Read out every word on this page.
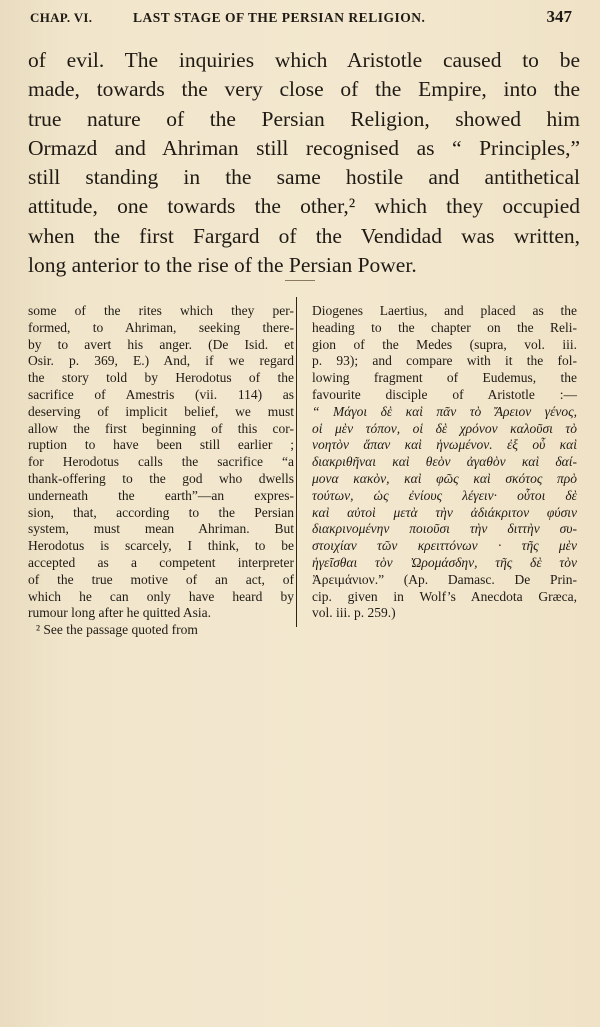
CHAP. VI.	LAST STAGE OF THE PERSIAN RELIGION.	347
of evil. The inquiries which Aristotle caused to be
made, towards the very close of the Empire, into the
true nature of the Persian Religion, showed him
Ormazd and Ahriman still recognised as “ Principles,”
still standing in the same hostile and antithetical
attitude, one towards the other,² which they occupied
when the first Fargard of the Vendidad was written,
long anterior to the rise of the Persian Power.
some of the rites which they per-
formed, to Ahriman, seeking there-
by to avert his anger. (De Isid. et
Osir. p. 369, E.) And, if we regard
the story told by Herodotus of the
sacrifice of Amestris (vii. 114) as
deserving of implicit belief, we must
allow the first beginning of this cor-
ruption to have been still earlier ;
for Herodotus calls the sacrifice “a
thank-offering to the god who dwells
underneath the earth”—an expres-
sion, that, according to the Persian
system, must mean Ahriman. But
Herodotus is scarcely, I think, to be
accepted as a competent interpreter
of the true motive of an act, of
which he can only have heard by
rumour long after he quitted Asia.
² See the passage quoted from
Diogenes Laertius, and placed as the
heading to the chapter on the Reli-
gion of the Medes (supra, vol. iii.
p. 93); and compare with it the fol-
lowing fragment of Eudemus, the
favourite disciple of Aristotle :—
“ Μάγοι δὲ καὶ πᾶν τὸ Ἄρειον γένος,
οἱ μὲν τόπον, οἱ δὲ χρόνον καλοῦσι τὸ
νοητὸν ἅπαν καὶ ἡνωμένον. ἐξ οὗ καὶ
διακριθῆναι καὶ θεὸν ἀγαθὸν καὶ δαί-
μονα κακὸν, καὶ φῶς καὶ σκότος πρὸ
τούτων, ὡς ἐνίους λέγειν· οὗτοι δὲ
καὶ αὐτοὶ μετὰ τὴν ἀδιάκριτον φύσιν
διακρινομένην ποιοῦσι τὴν διττὴν συ-
στοιχίαν τῶν κρειττόνων · τῆς μὲν
ἡγεῖσθαι τὸν Ὠρομάσδην, τῆς δὲ τὸν
Ἀρειμάνιον.” (Ap. Damasc. De Prin-
cip. given in Wolf’s Anecdota Græca,
vol. iii. p. 259.)
